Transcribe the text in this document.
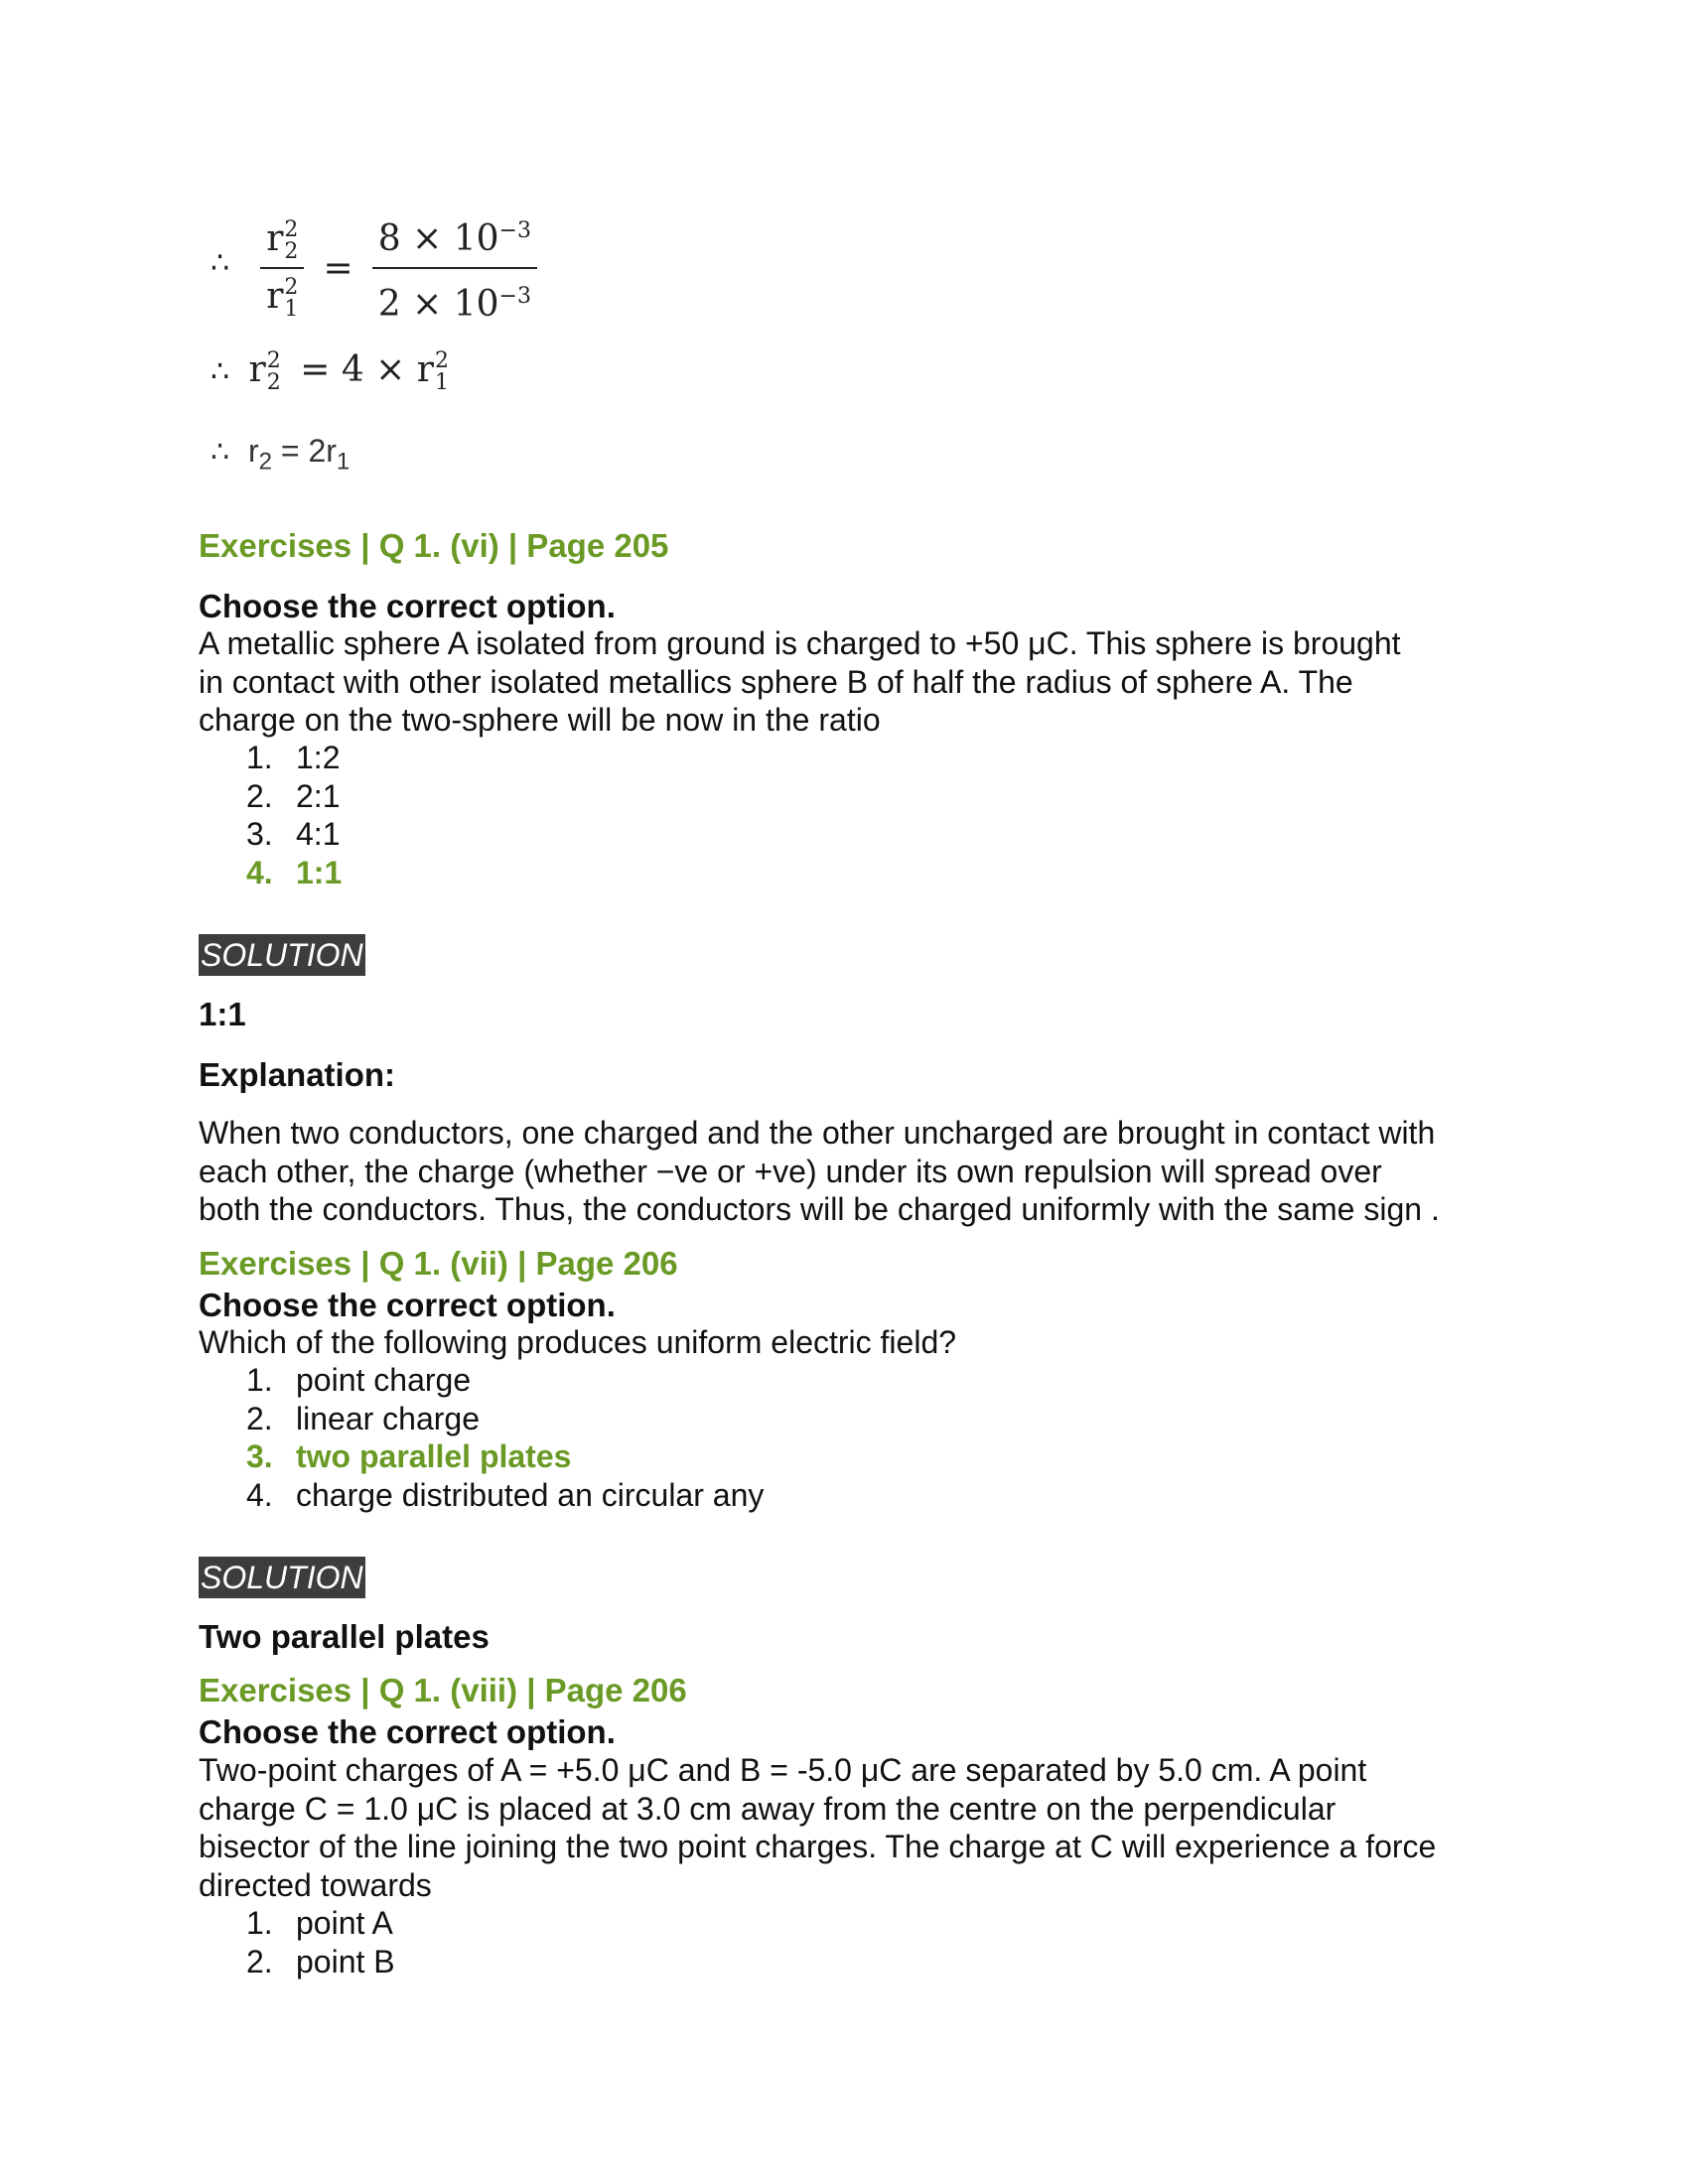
∴ r 2
2
r 2
$1 = \frac{8 \times 10^{-3}}{2 \times 10^{-3}}$
∴ r 2
2 = 4 × r 2
1
∴ $r_2 = 2r_1$
Exercises | Q 1. (vi) | Page 205
Choose the correct option.
A metallic sphere A isolated from ground is charged to +50 μC. This sphere is brought
in contact with other isolated metallics sphere B of half the radius of sphere A. The
charge on the two-sphere will be now in the ratio
1. 1:2
2. 2:1
3. 4:1
4. 1:1
SOLUTION
1:1
Explanation:
When two conductors, one charged and the other uncharged are brought in contact with
each other, the charge (whether −ve or +ve) under its own repulsion will spread over
both the conductors. Thus, the conductors will be charged uniformly with the same sign .
Exercises | Q 1. (vii) | Page 206
Choose the correct option.
Which of the following produces uniform electric field?
1. point charge
2. linear charge
3. two parallel plates
4. charge distributed an circular any
SOLUTION
Two parallel plates
Exercises | Q 1. (viii) | Page 206
Choose the correct option.
Two-point charges of A = +5.0 μC and B = -5.0 μC are separated by 5.0 cm. A point
charge C = 1.0 μC is placed at 3.0 cm away from the centre on the perpendicular
bisector of the line joining the two point charges. The charge at C will experience a force
directed towards
1. point A
2. point B
